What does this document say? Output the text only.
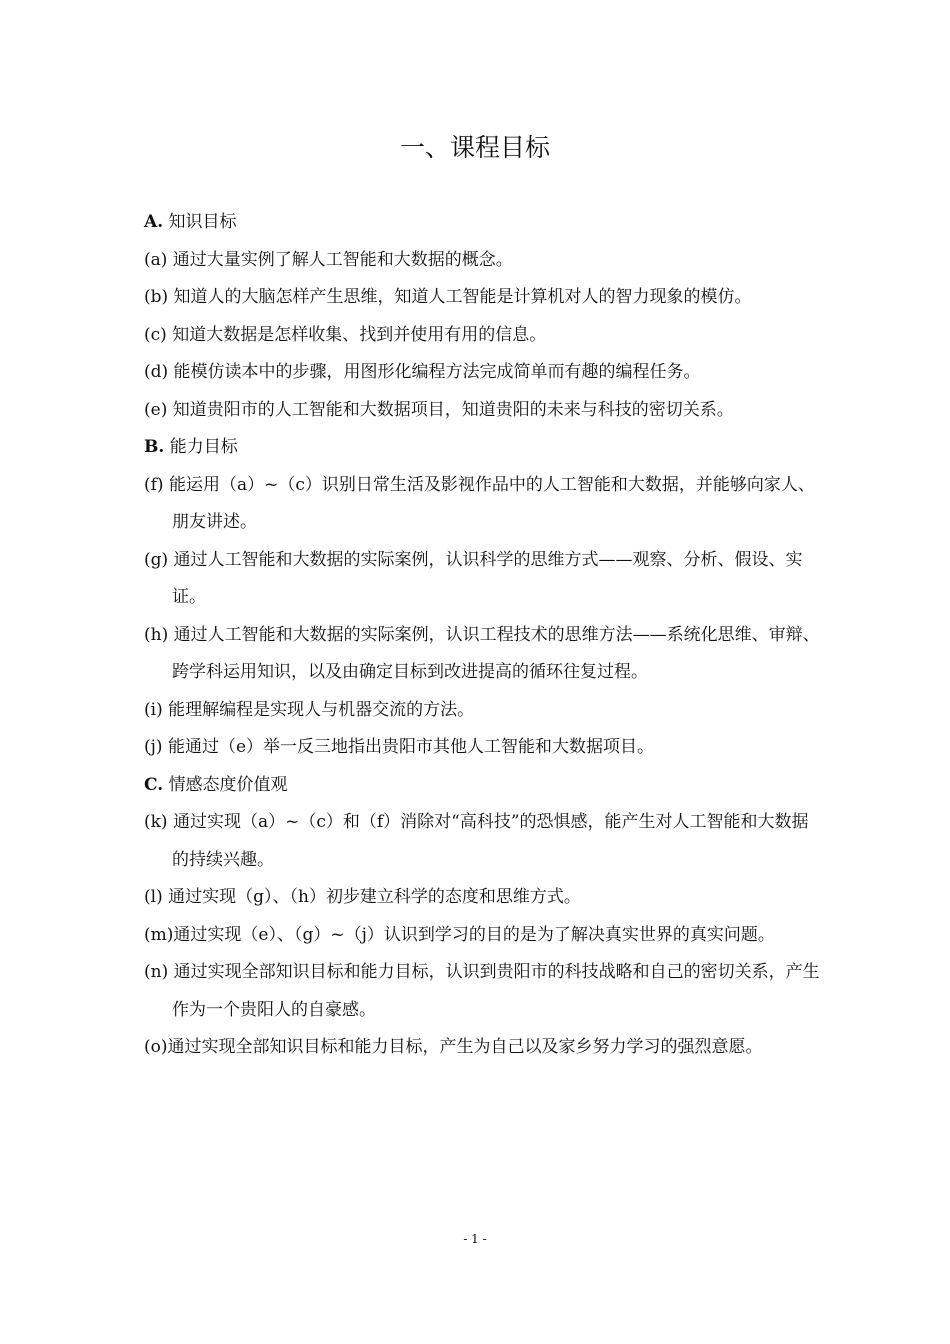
一、课程目标
A. 知识目标
(a) 通过大量实例了解人工智能和大数据的概念。
(b) 知道人的大脑怎样产生思维，知道人工智能是计算机对人的智力现象的模仿。
(c) 知道大数据是怎样收集、找到并使用有用的信息。
(d) 能模仿读本中的步骤，用图形化编程方法完成简单而有趣的编程任务。
(e) 知道贵阳市的人工智能和大数据项目，知道贵阳的未来与科技的密切关系。
B. 能力目标
(f) 能运用（a）~（c）识别日常生活及影视作品中的人工智能和大数据，并能够向家人、朋友讲述。
(g) 通过人工智能和大数据的实际案例，认识科学的思维方式——观察、分析、假设、实证。
(h) 通过人工智能和大数据的实际案例，认识工程技术的思维方法——系统化思维、审辩、跨学科运用知识，以及由确定目标到改进提高的循环往复过程。
(i) 能理解编程是实现人与机器交流的方法。
(j) 能通过（e）举一反三地指出贵阳市其他人工智能和大数据项目。
C. 情感态度价值观
(k) 通过实现（a）~（c）和（f）消除对“高科技”的恐惧感，能产生对人工智能和大数据的持续兴趣。
(l) 通过实现（g）、（h）初步建立科学的态度和思维方式。
(m)通过实现（e）、（g）~（j）认识到学习的目的是为了解决真实世界的真实问题。
(n) 通过实现全部知识目标和能力目标，认识到贵阳市的科技战略和自己的密切关系，产生作为一个贵阳人的自豪感。
(o)通过实现全部知识目标和能力目标，产生为自己以及家乡努力学习的强烈意愿。
- 1 -
